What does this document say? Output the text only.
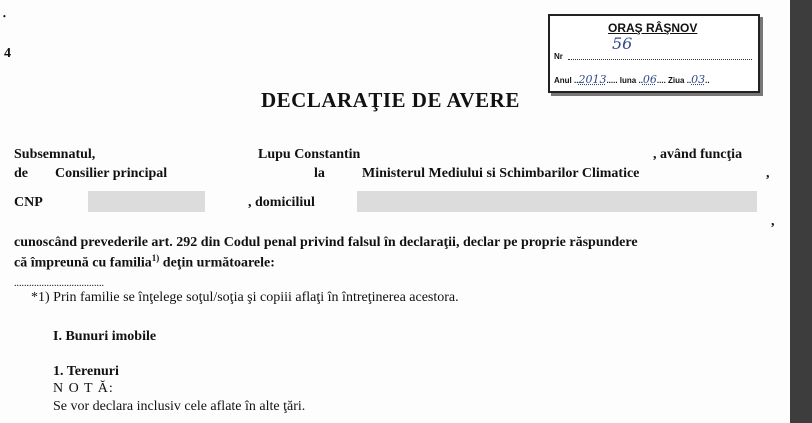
•
4
ORAŞ RÂŞNOV
56
Nr
Anul ..2013..... luna ..06.... Ziua ..03..
DECLARAŢIE DE AVERE
Subsemnatul,	Lupu Constantin	, având funcţia
de Consilier principal	la	Ministerul Mediului si Schimbarilor Climatice	,
CNP	, domiciliul
,
cunoscând prevederile art. 292 din Codul penal privind falsul în declaraţii, declar pe proprie răspundere
că împreună cu familia$^{1)}$ deţin următoarele:
....................................
*1) Prin familie se înţelege soţul/soţia şi copiii aflaţi în întreţinerea acestora.
I. Bunuri imobile
1. Terenuri
N O T Ă:
Se vor declara inclusiv cele aflate în alte ţări.
